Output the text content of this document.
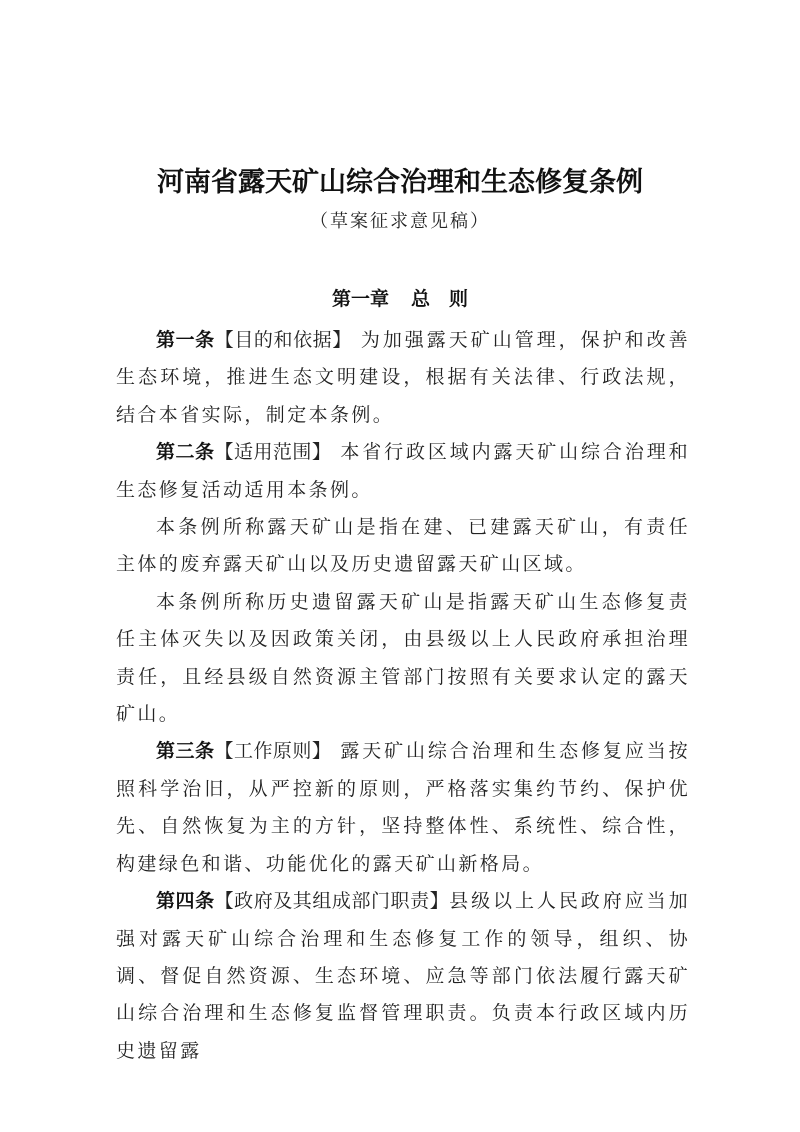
河南省露天矿山综合治理和生态修复条例
（草案征求意见稿）
第一章 总　则

第一条【目的和依据】 为加强露天矿山管理，保护和改善生态环境，推进生态文明建设，根据有关法律、行政法规，结合本省实际，制定本条例。

第二条【适用范围】 本省行政区域内露天矿山综合治理和生态修复活动适用本条例。

本条例所称露天矿山是指在建、已建露天矿山，有责任主体的废弃露天矿山以及历史遗留露天矿山区域。

本条例所称历史遗留露天矿山是指露天矿山生态修复责任主体灭失以及因政策关闭，由县级以上人民政府承担治理责任，且经县级自然资源主管部门按照有关要求认定的露天矿山。

第三条【工作原则】 露天矿山综合治理和生态修复应当按照科学治旧，从严控新的原则，严格落实集约节约、保护优先、自然恢复为主的方针，坚持整体性、系统性、综合性，构建绿色和谐、功能优化的露天矿山新格局。

第四条【政府及其组成部门职责】县级以上人民政府应当加强对露天矿山综合治理和生态修复工作的领导，组织、协调、督促自然资源、生态环境、应急等部门依法履行露天矿山综合治理和生态修复监督管理职责。负责本行政区域内历史遗留露
